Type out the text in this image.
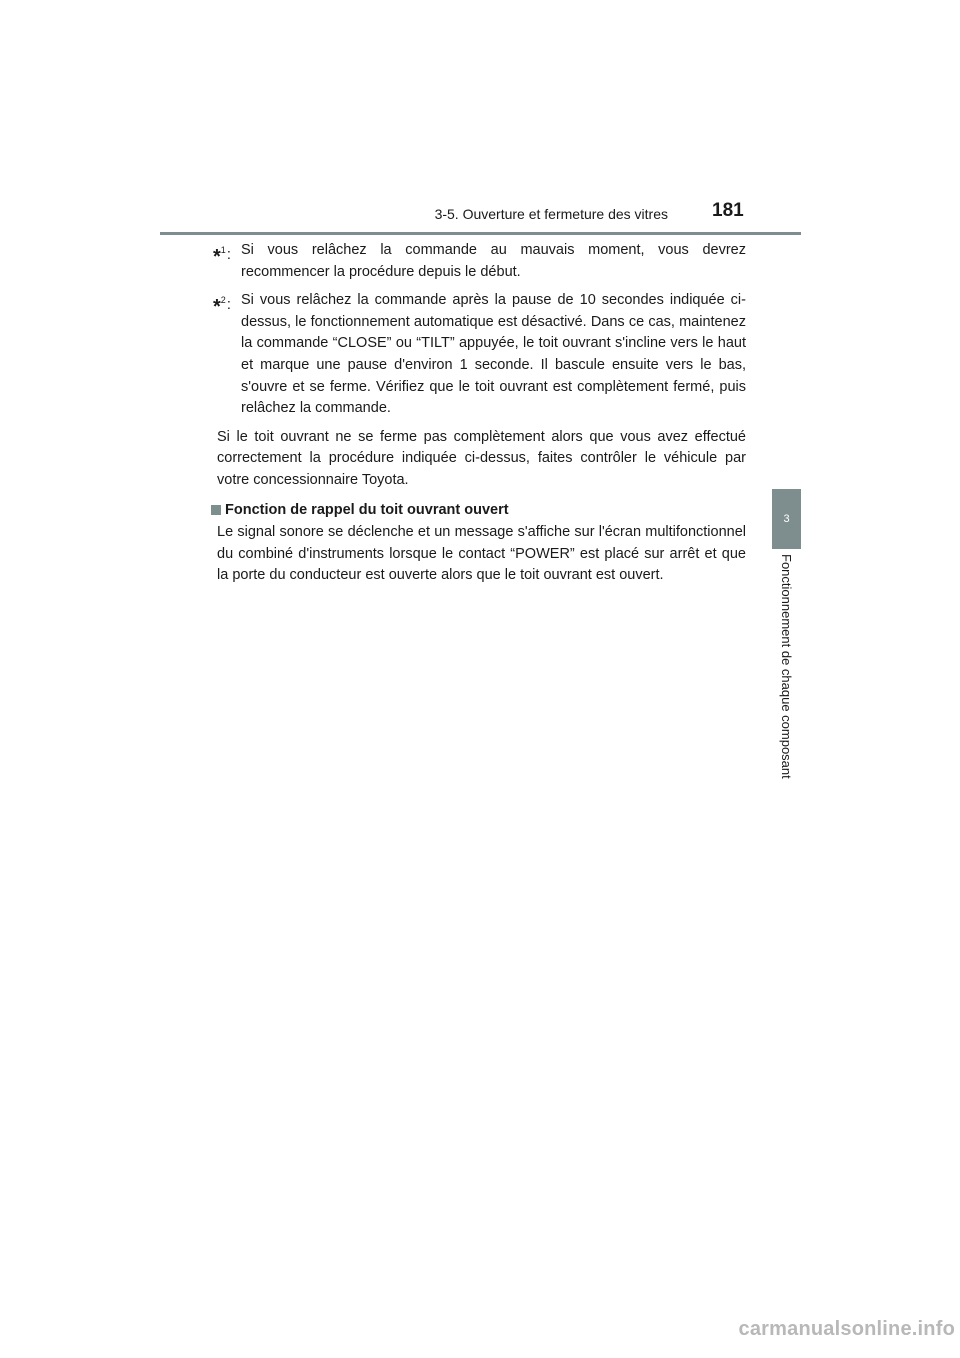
3-5. Ouverture et fermeture des vitres 181
3
Fonctionnement de chaque composant
*$^1$: Si vous relâchez la commande au mauvais moment, vous devrez recommencer la procédure depuis le début.
*$^2$: Si vous relâchez la commande après la pause de 10 secondes indiquée ci-dessus, le fonctionnement automatique est désactivé. Dans ce cas, maintenez la commande “CLOSE” ou “TILT” appuyée, le toit ouvrant s'incline vers le haut et marque une pause d'environ 1 seconde. Il bascule ensuite vers le bas, s'ouvre et se ferme. Vérifiez que le toit ouvrant est complètement fermé, puis relâchez la commande.
Si le toit ouvrant ne se ferme pas complètement alors que vous avez effectué correctement la procédure indiquée ci-dessus, faites contrôler le véhicule par votre concessionnaire Toyota.
Fonction de rappel du toit ouvrant ouvert
Le signal sonore se déclenche et un message s'affiche sur l'écran multifonctionnel du combiné d'instruments lorsque le contact “POWER” est placé sur arrêt et que la porte du conducteur est ouverte alors que le toit ouvrant est ouvert.
carmanualsonline.info
